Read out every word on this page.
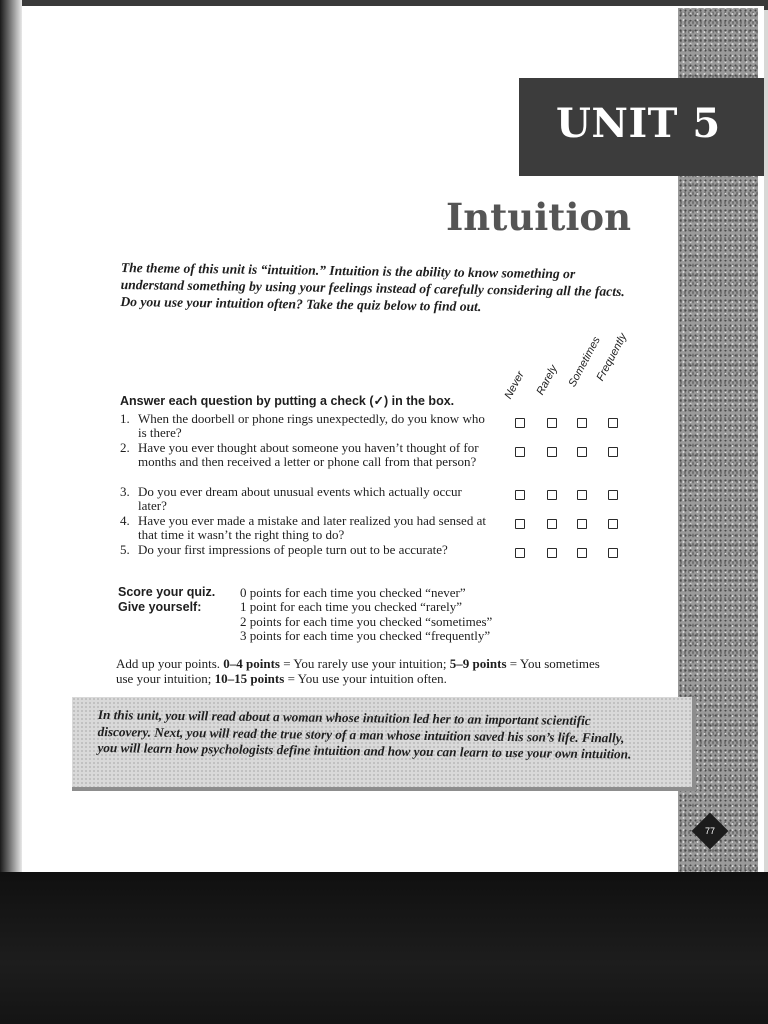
UNIT 5
Intuition
The theme of this unit is “intuition.” Intuition is the ability to know something or understand something by using your feelings instead of carefully considering all the facts. Do you use your intuition often? Take the quiz below to find out.
Answer each question by putting a check (✓) in the box.	Never Rarely Sometimes
Frequently
1. When the doorbell or phone rings unexpectedly, do you know who is there?
2. Have you ever thought about someone you haven’t thought of for months and then received a letter or phone call from that person?
3. Do you ever dream about unusual events which actually occur later?
4. Have you ever made a mistake and later realized you had sensed at that time it wasn’t the right thing to do?
5. Do your first impressions of people turn out to be accurate?
Score your quiz.
Give yourself:
0 points for each time you checked “never”
1 point for each time you checked “rarely”
2 points for each time you checked “sometimes”
3 points for each time you checked “frequently”
Add up your points. 0–4 points = You rarely use your intuition; 5–9 points = You sometimes use your intuition; 10–15 points = You use your intuition often.
In this unit, you will read about a woman whose intuition led her to an important scientific discovery. Next, you will read the true story of a man whose intuition saved his son’s life. Finally, you will learn how psychologists define intuition and how you can learn to use your own intuition.
77
